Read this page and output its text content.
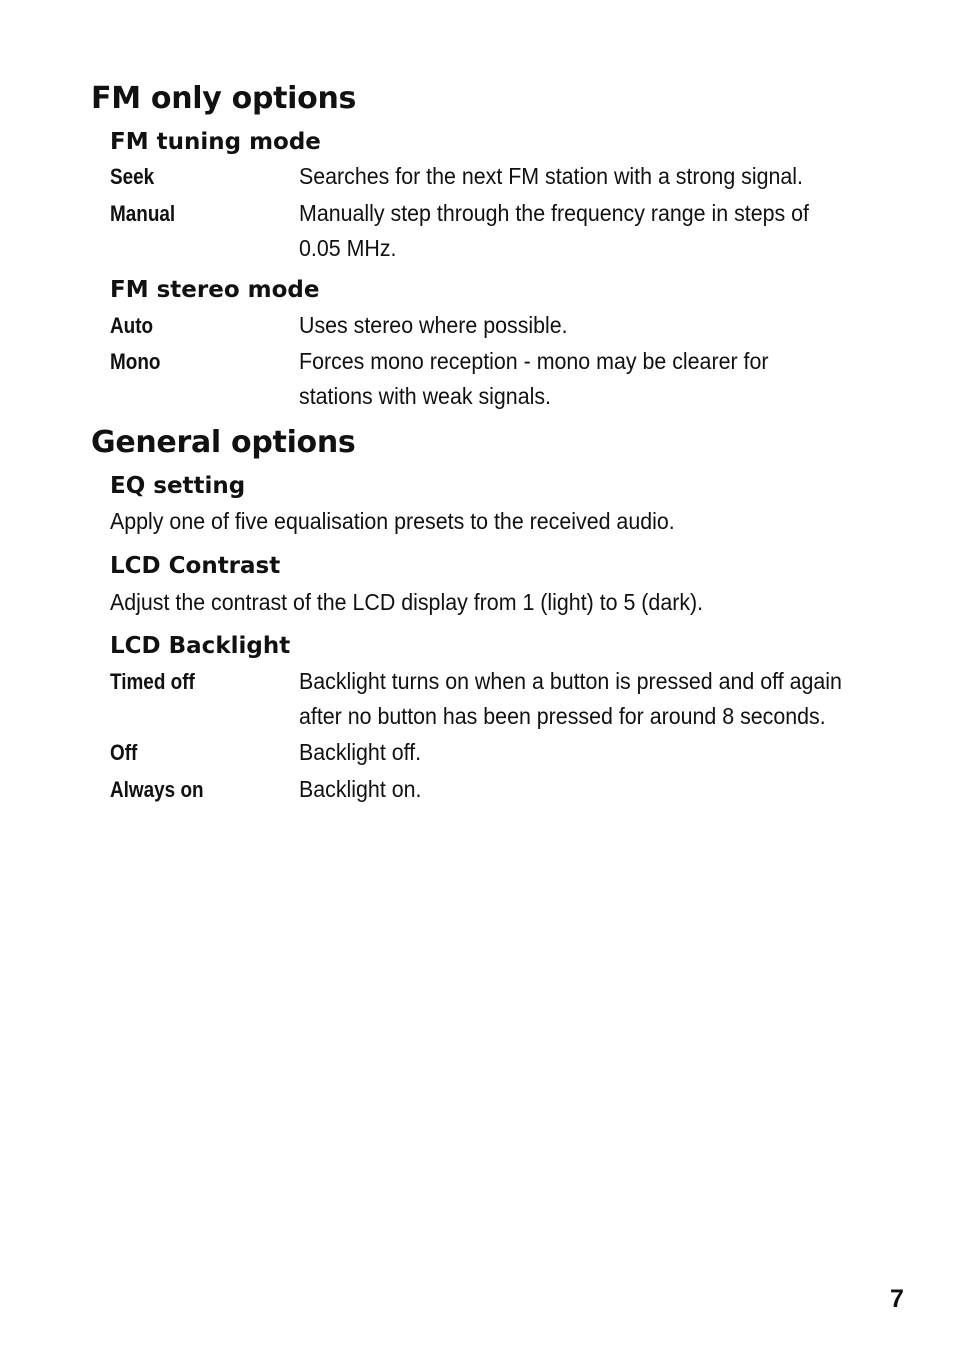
FM only options
FM tuning mode
Seek	Searches for the next FM station with a strong signal.
Manual	Manually step through the frequency range in steps of
0.05 MHz.
FM stereo mode
Auto	Uses stereo where possible.
Mono	Forces mono reception - mono may be clearer for
stations with weak signals.
General options
EQ setting

Apply one of five equalisation presets to the received audio.

LCD Contrast

Adjust the contrast of the LCD display from 1 (light) to 5 (dark).

LCD Backlight
Timed off	Backlight turns on when a button is pressed and off again
after no button has been pressed for around 8 seconds.
Off	Backlight off.
Always on	Backlight on.
7
